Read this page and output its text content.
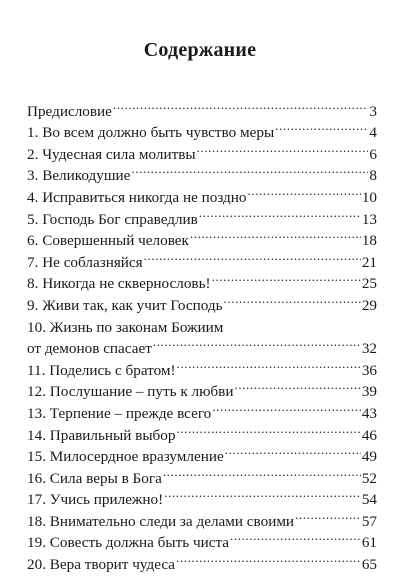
Содержание
Предисловие .....	3
1. Во всем должно быть чувство меры .....	4
2. Чудесная сила молитвы .....	6
3. Великодушие .....	8
4. Исправиться никогда не поздно .....	10
5. Господь Бог справедлив .....	13
6. Совершенный человек .....	18
7. Не соблазняйся .....	21
8. Никогда не сквернословь! .....	25
9. Живи так, как учит Господь .....	29
10. Жизнь по законам Божиим
от демонов спасает .....	32
11. Поделись с братом! .....	36
12. Послушание – путь к любви .....	39
13. Терпение – прежде всего .....	43
14. Правильный выбор .....	46
15. Милосердное вразумление .....	49
16. Сила веры в Бога .....	52
17. Учись прилежно! .....	54
18. Внимательно следи за делами своими .....	57
19. Совесть должна быть чиста .....	61
20. Вера творит чудеса .....	65
